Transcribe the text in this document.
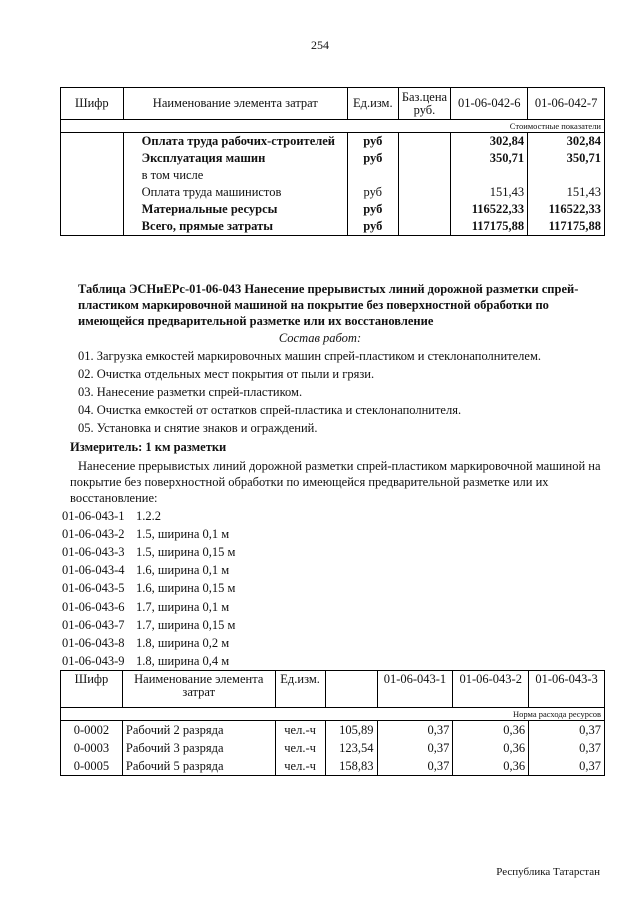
254
Шифр	Наименование элемента затрат	Ед.изм.	Баз.цена руб.	01-06-042-6	01-06-042-7
Стоимостные показатели					
	Оплата труда рабочих-строителей	руб		302,84	302,84
	Эксплуатация машин	руб		350,71	350,71
	в том числе				
	Оплата труда машинистов	руб		151,43	151,43
	Материальные ресурсы	руб		116522,33	116522,33
	Всего, прямые затраты	руб		117175,88	117175,88
Таблица ЭСНиЕРс-01-06-043 Нанесение прерывистых линий дорожной разметки спрей-пластиком маркировочной машиной на покрытие без поверхностной обработки по имеющейся предварительной разметке или их восстановление
Состав работ:
01. Загрузка емкостей маркировочных машин спрей-пластиком и стеклонаполнителем.
02. Очистка отдельных мест покрытия от пыли и грязи.
03. Нанесение разметки спрей-пластиком.
04. Очистка емкостей от остатков спрей-пластика и стеклонаполнителя.
05. Установка и снятие знаков и ограждений.
Измеритель: 1 км разметки
Нанесение прерывистых линий дорожной разметки спрей-пластиком маркировочной машиной на покрытие без поверхностной обработки по имеющейся предварительной разметке или их восстановление:
01-06-043-1 1.2.2
01-06-043-2 1.5, ширина 0,1 м
01-06-043-3 1.5, ширина 0,15 м
01-06-043-4 1.6, ширина 0,1 м
01-06-043-5 1.6, ширина 0,15 м
01-06-043-6 1.7, ширина 0,1 м
01-06-043-7 1.7, ширина 0,15 м
01-06-043-8 1.8, ширина 0,2 м
01-06-043-9 1.8, ширина 0,4 м
Шифр	Наименование элемента затрат	Ед.изм.		01-06-043-1	01-06-043-2	01-06-043-3
Норма расхода ресурсов						
0-0002	Рабочий 2 разряда	чел.-ч	105,89	0,37	0,36	0,37
0-0003	Рабочий 3 разряда	чел.-ч	123,54	0,37	0,36	0,37
0-0005	Рабочий 5 разряда	чел.-ч	158,83	0,37	0,36	0,37
Республика Татарстан
